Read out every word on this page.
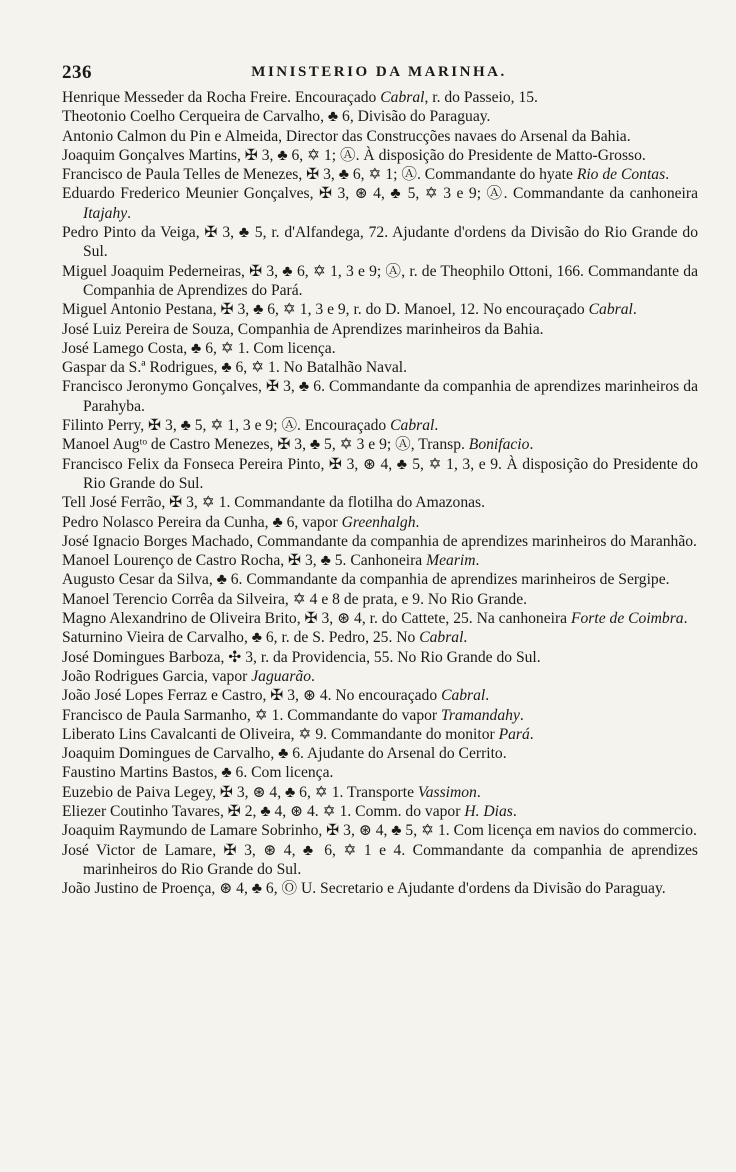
236	MINISTERIO DA MARINHA.
Henrique Messeder da Rocha Freire. Encouraçado Cabral, r. do Passeio, 15.
Theotonio Coelho Cerqueira de Carvalho, ♣ 6, Divisão do Paraguay.
Antonio Calmon du Pin e Almeida, Director das Construcções navaes do Arsenal da Bahia.
Joaquim Gonçalves Martins, ✠ 3, ♣ 6, ✡ 1; Ⓐ. À disposição do Presidente de Matto-Grosso.
Francisco de Paula Telles de Menezes, ✠ 3, ♣ 6, ✡ 1; Ⓐ. Commandante do hyate Rio de Contas.
Eduardo Frederico Meunier Gonçalves, ✠ 3, ⊛ 4, ♣ 5, ✡ 3 e 9; Ⓐ. Commandante da canhoneira Itajahy.
Pedro Pinto da Veiga, ✠ 3, ♣ 5, r. d'Alfandega, 72. Ajudante d'ordens da Divisão do Rio Grande do Sul.
Miguel Joaquim Pederneiras, ✠ 3, ♣ 6, ✡ 1, 3 e 9; Ⓐ, r. de Theophilo Ottoni, 166. Commandante da Companhia de Aprendizes do Pará.
Miguel Antonio Pestana, ✠ 3, ♣ 6, ✡ 1, 3 e 9, r. do D. Manoel, 12. No encouraçado Cabral.
José Luiz Pereira de Souza, Companhia de Aprendizes marinheiros da Bahia.
José Lamego Costa, ♣ 6, ✡ 1. Com licença.
Gaspar da S.ª Rodrigues, ♣ 6, ✡ 1. No Batalhão Naval.
Francisco Jeronymo Gonçalves, ✠ 3, ♣ 6. Commandante da companhia de aprendizes marinheiros da Parahyba.
Filinto Perry, ✠ 3, ♣ 5, ✡ 1, 3 e 9; Ⓐ. Encouraçado Cabral.
Manoel Augᵗᵒ de Castro Menezes, ✠ 3, ♣ 5, ✡ 3 e 9; Ⓐ, Transp. Bonifacio.
Francisco Felix da Fonseca Pereira Pinto, ✠ 3, ⊛ 4, ♣ 5, ✡ 1, 3, e 9. À disposição do Presidente do Rio Grande do Sul.
Tell José Ferrão, ✠ 3, ✡ 1. Commandante da flotilha do Amazonas.
Pedro Nolasco Pereira da Cunha, ♣ 6, vapor Greenhalgh.
José Ignacio Borges Machado, Commandante da companhia de aprendizes marinheiros do Maranhão.
Manoel Lourenço de Castro Rocha, ✠ 3, ♣ 5. Canhoneira Mearim.
Augusto Cesar da Silva, ♣ 6. Commandante da companhia de aprendizes marinheiros de Sergipe.
Manoel Terencio Corrêa da Silveira, ✡ 4 e 8 de prata, e 9. No Rio Grande.
Magno Alexandrino de Oliveira Brito, ✠ 3, ⊛ 4, r. do Cattete, 25. Na canhoneira Forte de Coimbra.
Saturnino Vieira de Carvalho, ♣ 6, r. de S. Pedro, 25. No Cabral.
José Domingues Barboza, ✣ 3, r. da Providencia, 55. No Rio Grande do Sul.
João Rodrigues Garcia, vapor Jaguarão.
João José Lopes Ferraz e Castro, ✠ 3, ⊛ 4. No encouraçado Cabral.
Francisco de Paula Sarmanho, ✡ 1. Commandante do vapor Tramandahy.
Liberato Lins Cavalcanti de Oliveira, ✡ 9. Commandante do monitor Pará.
Joaquim Domingues de Carvalho, ♣ 6. Ajudante do Arsenal do Cerrito.
Faustino Martins Bastos, ♣ 6. Com licença.
Euzebio de Paiva Legey, ✠ 3, ⊛ 4, ♣ 6, ✡ 1. Transporte Vassimon.
Eliezer Coutinho Tavares, ✠ 2, ♣ 4, ⊛ 4. ✡ 1. Comm. do vapor H. Dias.
Joaquim Raymundo de Lamare Sobrinho, ✠ 3, ⊛ 4, ♣ 5, ✡ 1. Com licença em navios do commercio.
José Victor de Lamare, ✠ 3, ⊛ 4, ♣ 6, ✡ 1 e 4. Commandante da companhia de aprendizes marinheiros do Rio Grande do Sul.
João Justino de Proença, ⊛ 4, ♣ 6, Ⓞ U. Secretario e Ajudante d'ordens da Divisão do Paraguay.
